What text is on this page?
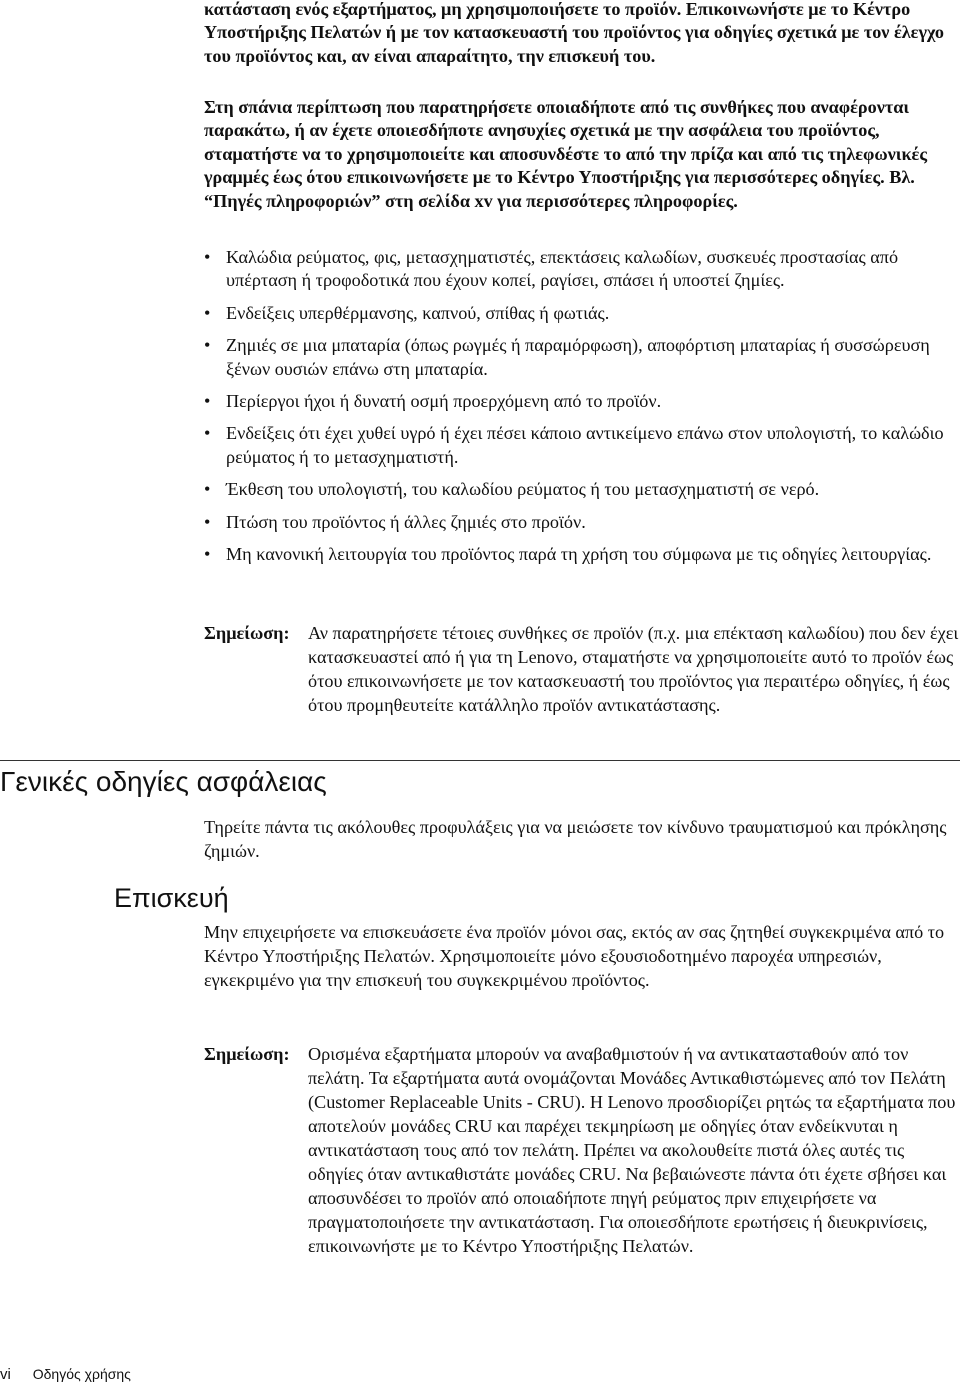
κατάσταση ενός εξαρτήματος, μη χρησιμοποιήσετε το προϊόν. Επικοινωνήστε με το Κέντρο Υποστήριξης Πελατών ή με τον κατασκευαστή του προϊόντος για οδηγίες σχετικά με τον έλεγχο του προϊόντος και, αν είναι απαραίτητο, την επισκευή του.

Στη σπάνια περίπτωση που παρατηρήσετε οποιαδήποτε από τις συνθήκες που αναφέρονται παρακάτω, ή αν έχετε οποιεσδήποτε ανησυχίες σχετικά με την ασφάλεια του προϊόντος, σταματήστε να το χρησιμοποιείτε και αποσυνδέστε το από την πρίζα και από τις τηλεφωνικές γραμμές έως ότου επικοινωνήσετε με το Κέντρο Υποστήριξης για περισσότερες οδηγίες. Βλ. “Πηγές πληροφοριών” στη σελίδα xv για περισσότερες πληροφορίες.

• Καλώδια ρεύματος, φις, μετασχηματιστές, επεκτάσεις καλωδίων, συσκευές προστασίας από υπέρταση ή τροφοδοτικά που έχουν κοπεί, ραγίσει, σπάσει ή υποστεί ζημίες.
• Ενδείξεις υπερθέρμανσης, καπνού, σπίθας ή φωτιάς.
• Ζημιές σε μια μπαταρία (όπως ρωγμές ή παραμόρφωση), αποφόρτιση μπαταρίας ή συσσώρευση ξένων ουσιών επάνω στη μπαταρία.
• Περίεργοι ήχοι ή δυνατή οσμή προερχόμενη από το προϊόν.
• Ενδείξεις ότι έχει χυθεί υγρό ή έχει πέσει κάποιο αντικείμενο επάνω στον υπολογιστή, το καλώδιο ρεύματος ή το μετασχηματιστή.
• Έκθεση του υπολογιστή, του καλωδίου ρεύματος ή του μετασχηματιστή σε νερό.
• Πτώση του προϊόντος ή άλλες ζημιές στο προϊόν.
• Μη κανονική λειτουργία του προϊόντος παρά τη χρήση του σύμφωνα με τις οδηγίες λειτουργίας.
Σημείωση: Αν παρατηρήσετε τέτοιες συνθήκες σε προϊόν (π.χ. μια επέκταση καλωδίου) που δεν έχει κατασκευαστεί από ή για τη Lenovo, σταματήστε να χρησιμοποιείτε αυτό το προϊόν έως ότου επικοινωνήσετε με τον κατασκευαστή του προϊόντος για περαιτέρω οδηγίες, ή έως ότου προμηθευτείτε κατάλληλο προϊόν αντικατάστασης.
Γενικές οδηγίες ασφάλειας

Τηρείτε πάντα τις ακόλουθες προφυλάξεις για να μειώσετε τον κίνδυνο τραυματισμού και πρόκλησης ζημιών.

Επισκευή

Μην επιχειρήσετε να επισκευάσετε ένα προϊόν μόνοι σας, εκτός αν σας ζητηθεί συγκεκριμένα από το Κέντρο Υποστήριξης Πελατών. Χρησιμοποιείτε μόνο εξουσιοδοτημένο παροχέα υπηρεσιών, εγκεκριμένο για την επισκευή του συγκεκριμένου προϊόντος.

Σημείωση: Ορισμένα εξαρτήματα μπορούν να αναβαθμιστούν ή να αντικατασταθούν από τον πελάτη. Τα εξαρτήματα αυτά ονομάζονται Μονάδες Αντικαθιστώμενες από τον Πελάτη (Customer Replaceable Units - CRU). Η Lenovo προσδιορίζει ρητώς τα εξαρτήματα που αποτελούν μονάδες CRU και παρέχει τεκμηρίωση με οδηγίες όταν ενδείκνυται η αντικατάσταση τους από τον πελάτη. Πρέπει να ακολουθείτε πιστά όλες αυτές τις οδηγίες όταν αντικαθιστάτε μονάδες CRU. Να βεβαιώνεστε πάντα ότι έχετε σβήσει και αποσυνδέσει το προϊόν από οποιαδήποτε πηγή ρεύματος πριν επιχειρήσετε να πραγματοποιήσετε την αντικατάσταση. Για οποιεσδήποτε ερωτήσεις ή διευκρινίσεις, επικοινωνήστε με το Κέντρο Υποστήριξης Πελατών.
vi Οδηγός χρήσης
